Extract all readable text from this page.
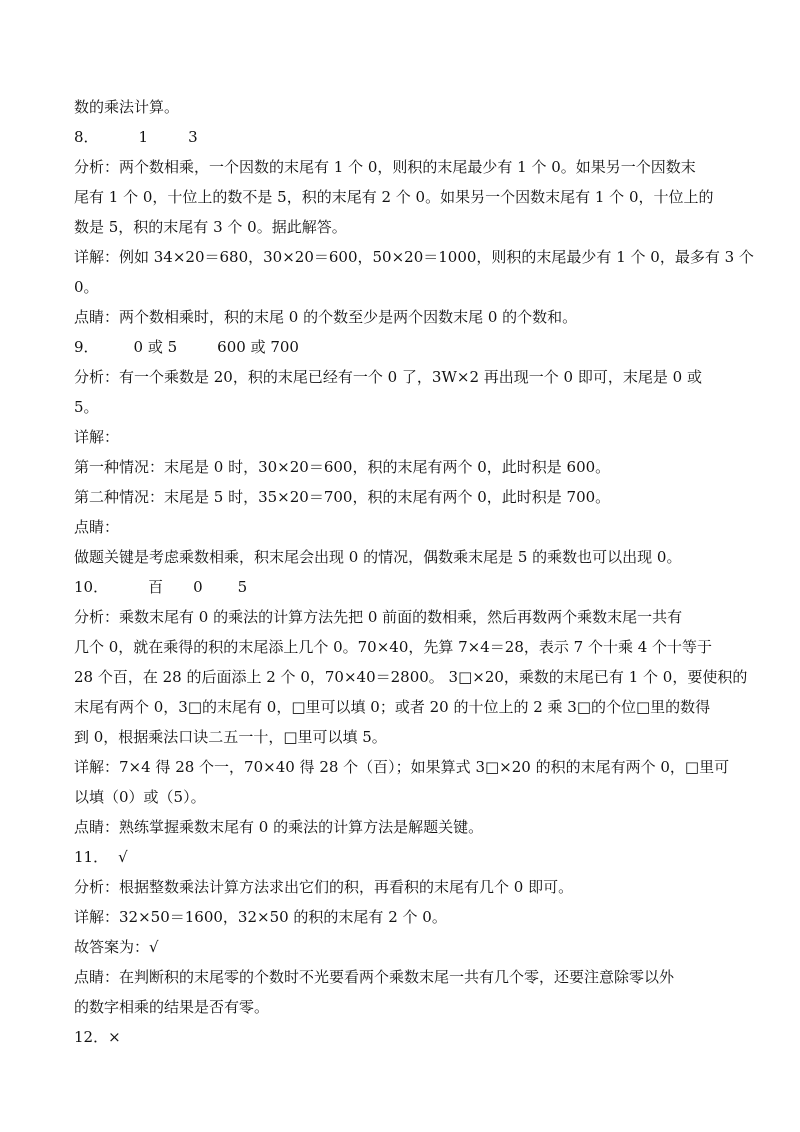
数的乘法计算。
8．	1	3
分析：两个数相乘，一个因数的末尾有 1 个 0，则积的末尾最少有 1 个 0。如果另一个因数末
尾有 1 个 0，十位上的数不是 5，积的末尾有 2 个 0。如果另一个因数末尾有 1 个 0，十位上的
数是 5，积的末尾有 3 个 0。据此解答。
详解：例如 34×20＝680，30×20＝600，50×20＝1000，则积的末尾最少有 1 个 0，最多有 3 个
0。
点睛：两个数相乘时，积的末尾 0 的个数至少是两个因数末尾 0 的个数和。
9． 0 或 5	600 或 700
分析：有一个乘数是 20，积的末尾已经有一个 0 了，3W×2 再出现一个 0 即可，末尾是 0 或
5。
详解：
第一种情况：末尾是 0 时，30×20＝600，积的末尾有两个 0，此时积是 600。
第二种情况：末尾是 5 时，35×20＝700，积的末尾有两个 0，此时积是 700。
点睛：
做题关键是考虑乘数相乘，积末尾会出现 0 的情况，偶数乘末尾是 5 的乘数也可以出现 0。
10．	百 0 5
分析：乘数末尾有 0 的乘法的计算方法先把 0 前面的数相乘，然后再数两个乘数末尾一共有
几个 0，就在乘得的积的末尾添上几个 0。70×40，先算 7×4＝28，表示 7 个十乘 4 个十等于
28 个百，在 28 的后面添上 2 个 0，70×40＝2800。 3□×20，乘数的末尾已有 1 个 0，要使积的
末尾有两个 0，3□的末尾有 0，□里可以填 0；或者 20 的十位上的 2 乘 3□的个位□里的数得
到 0，根据乘法口诀二五一十，□里可以填 5。
详解：7×4 得 28 个一，70×40 得 28 个（百）；如果算式 3□×20 的积的末尾有两个 0，□里可
以填（0）或（5）。
点睛：熟练掌握乘数末尾有 0 的乘法的计算方法是解题关键。
11． √
分析：根据整数乘法计算方法求出它们的积，再看积的末尾有几个 0 即可。
详解：32×50＝1600，32×50 的积的末尾有 2 个 0。
故答案为：√
点睛：在判断积的末尾零的个数时不光要看两个乘数末尾一共有几个零，还要注意除零以外
的数字相乘的结果是否有零。
12．×
